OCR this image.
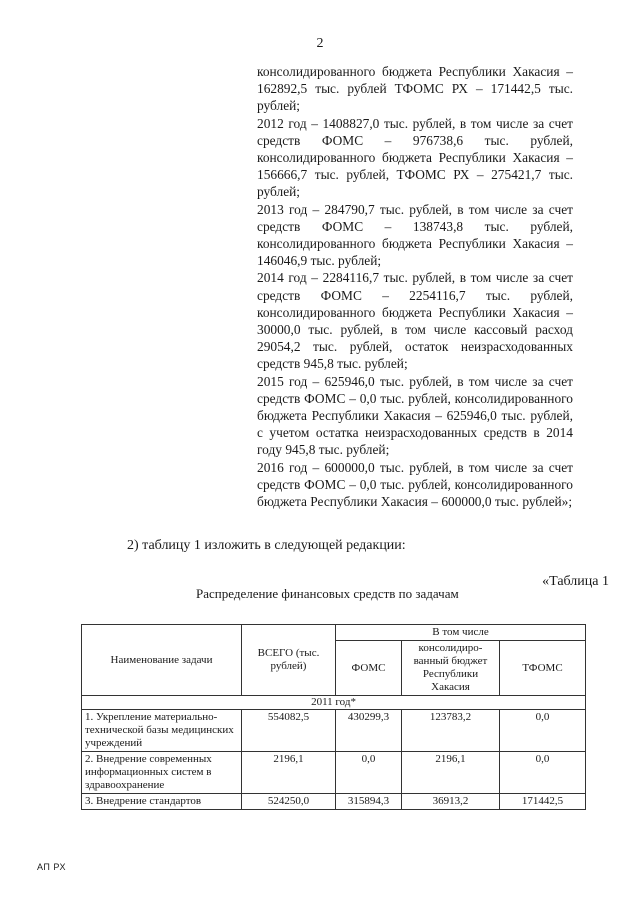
2

консолидированного бюджета Республики Хакасия – 162892,5 тыс. рублей ТФОМС РХ – 171442,5 тыс. рублей;

2012 год – 1408827,0 тыс. рублей, в том числе за счет средств ФОМС – 976738,6 тыс. рублей, консолидированного бюджета Республики Хакасия – 156666,7 тыс. рублей, ТФОМС РХ – 275421,7 тыс. рублей;

2013 год – 284790,7 тыс. рублей, в том числе за счет средств ФОМС – 138743,8 тыс. рублей, консолидированного бюджета Республики Хакасия – 146046,9 тыс. рублей;

2014 год – 2284116,7 тыс. рублей, в том числе за счет средств ФОМС – 2254116,7 тыс. рублей, консолидированного бюджета Республики Хакасия – 30000,0 тыс. рублей, в том числе кассовый расход 29054,2 тыс. рублей, остаток неизрасходованных средств 945,8 тыс. рублей;

2015 год – 625946,0 тыс. рублей, в том числе за счет средств ФОМС – 0,0 тыс. рублей, консолидированного бюджета Республики Хакасия – 625946,0 тыс. рублей, с учетом остатка неизрасходованных средств в 2014 году 945,8 тыс. рублей;

2016 год – 600000,0 тыс. рублей, в том числе за счет средств ФОМС – 0,0 тыс. рублей, консолидированного бюджета Республики Хакасия – 600000,0 тыс. рублей»;

2) таблицу 1 изложить в следующей редакции:
«Таблица 1
Распределение финансовых средств по задачам
Наименование задачи	ВСЕГО (тыс. рублей)	В том числе		
		ФОМС	консолидиро-ванный бюджет Республики Хакасия	ТФОМС
2011 год*				
1. Укрепление материально-технической базы медицинских учреждений	554082,5	430299,3	123783,2	0,0
2. Внедрение современных информационных систем в здравоохранение	2196,1	0,0	2196,1	0,0
3. Внедрение стандартов	524250,0	315894,3	36913,2	171442,5
АП РХ
